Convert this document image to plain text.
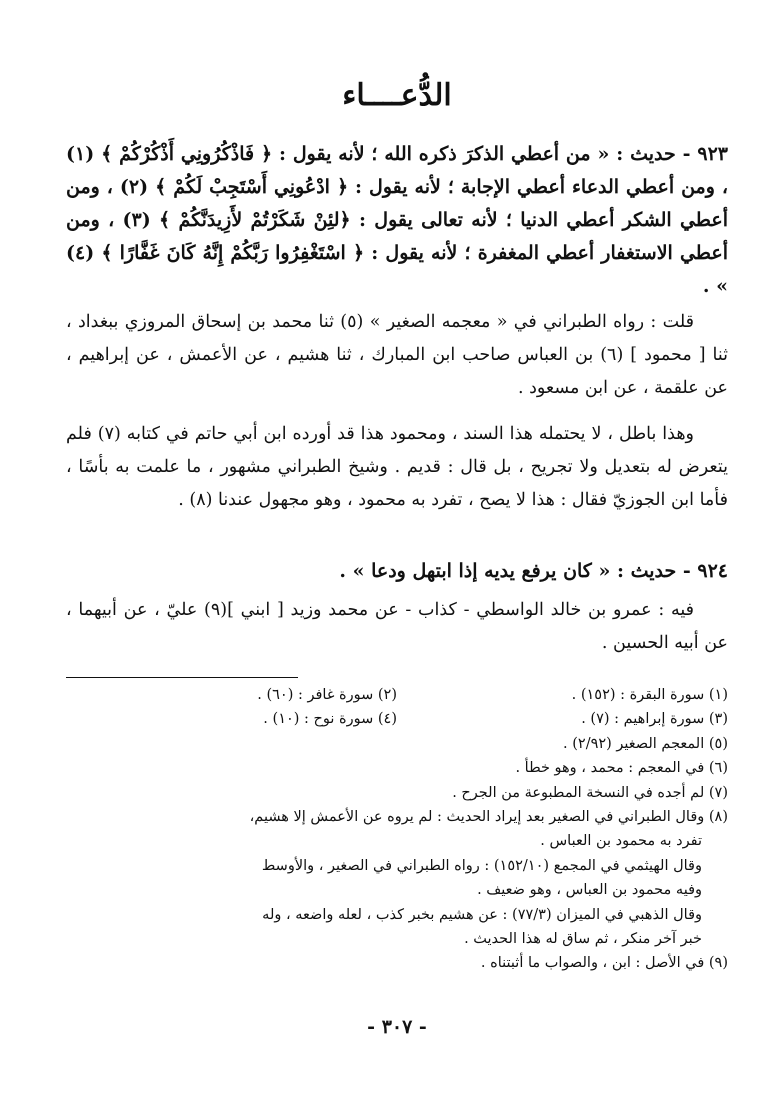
الدُّعــــاء
٩٢٣ - حديث : « من أعطي الذكرَ ذكره الله ؛ لأنه يقول : ﴿ فَاذْكُرُونِي أَذْكُرْكُمْ ﴾ (١) ، ومن أعطي الدعاء أعطي الإجابة ؛ لأنه يقول : ﴿ ادْعُونِي أَسْتَجِبْ لَكُمْ ﴾ (٢) ، ومن أعطي الشكر أعطي الدنيا ؛ لأنه تعالى يقول : ﴿لئِنْ شَكَرْتُمْ لأَزِيدَنَّكُمْ ﴾ (٣) ، ومن أعطي الاستغفار أعطي المغفرة ؛ لأنه يقول : ﴿ اسْتَغْفِرُوا رَبَّكُمْ إِنَّهُ كَانَ غَفَّارًا ﴾ (٤) » .
قلت : رواه الطبراني في « معجمه الصغير » (٥) ثنا محمد بن إسحاق المروزي ببغداد ، ثنا [ محمود ] (٦) بن العباس صاحب ابن المبارك ، ثنا هشيم ، عن الأعمش ، عن إبراهيم ، عن علقمة ، عن ابن مسعود .
وهذا باطل ، لا يحتمله هذا السند ، ومحمود هذا قد أورده ابن أبي حاتم في كتابه (٧) فلم يتعرض له بتعديل ولا تجريح ، بل قال : قديم . وشيخ الطبراني مشهور ، ما علمت به بأسًا ، فأما ابن الجوزيّ فقال : هذا لا يصح ، تفرد به محمود ، وهو مجهول عندنا (٨) .
٩٢٤ - حديث : « كان يرفع يديه إذا ابتهل ودعا » .
فيه : عمرو بن خالد الواسطي - كذاب - عن محمد وزيد [ ابني ](٩) عليّ ، عن أبيهما ، عن أبيه الحسين .
(١) سورة البقرة : (١٥٢) .
(٢) سورة غافر : (٦٠) .
(٣) سورة إبراهيم : (٧) .
(٤) سورة نوح : (١٠) .
(٥) المعجم الصغير (٢/٩٢) .
(٦) في المعجم : محمد ، وهو خطأ .
(٧) لم أجده في النسخة المطبوعة من الجرح .
(٨) وقال الطبراني في الصغير بعد إيراد الحديث : لم يروه عن الأعمش إلا هشيم،
تفرد به محمود بن العباس .
وقال الهيثمي في المجمع (١٥٢/١٠) : رواه الطبراني في الصغير ، والأوسط
وفيه محمود بن العباس ، وهو ضعيف .
وقال الذهبي في الميزان (٧٧/٣) : عن هشيم بخبر كذب ، لعله واضعه ، وله
خبر آخر منكر ، ثم ساق له هذا الحديث .
(٩) في الأصل : ابن ، والصواب ما أثبتناه .
- ٣٠٧ -
